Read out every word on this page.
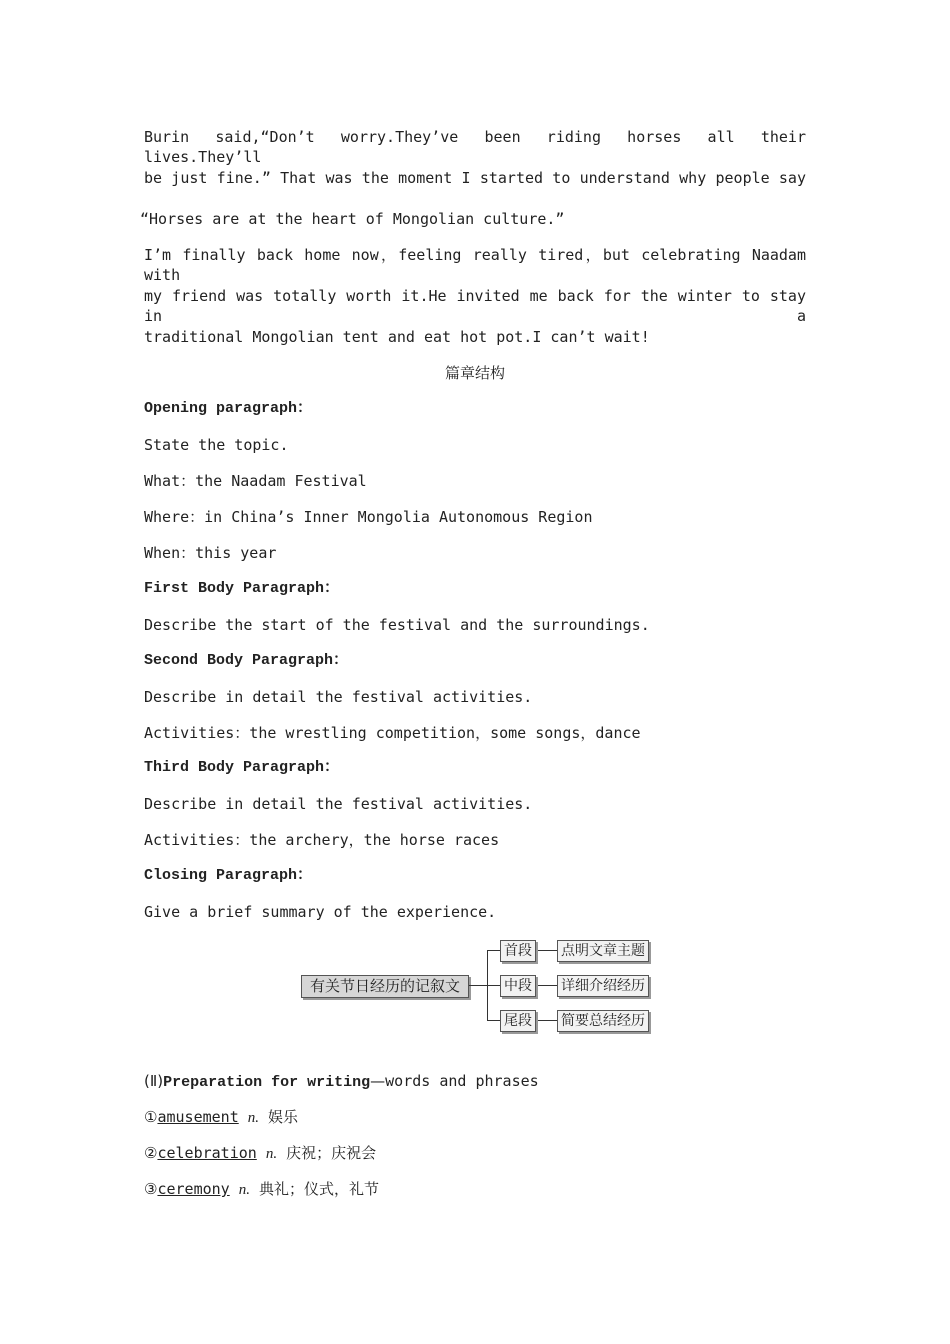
Burin said,“Don’t worry.They’ve been riding horses all their lives.They’ll
be just fine.” That was the moment I started to understand why people say
“Horses are at the heart of Mongolian culture.”
I’m finally back home now，feeling really tired，but celebrating Naadam with
my friend was totally worth it.He invited me back for the winter to stay in a
traditional Mongolian tent and eat hot pot.I can’t wait!
篇章结构
Opening paragraph：
State the topic.
What：the Naadam Festival
Where：in China’s Inner Mongolia Autonomous Region
When：this year
First Body Paragraph：
Describe the start of the festival and the surroundings.
Second Body Paragraph：
Describe in detail the festival activities.
Activities：the wrestling competition，some songs，dance
Third Body Paragraph：
Describe in detail the festival activities.
Activities：the archery，the horse races
Closing Paragraph：
Give a brief summary of the experience.
有关节日经历的记叙文
首段
中段
尾段
点明文章主题
详细介绍经历
简要总结经历
(Ⅱ)Preparation for writing—words and phrases
①amusement n. 娱乐
②celebration n. 庆祝；庆祝会
③ceremony n. 典礼；仪式，礼节
